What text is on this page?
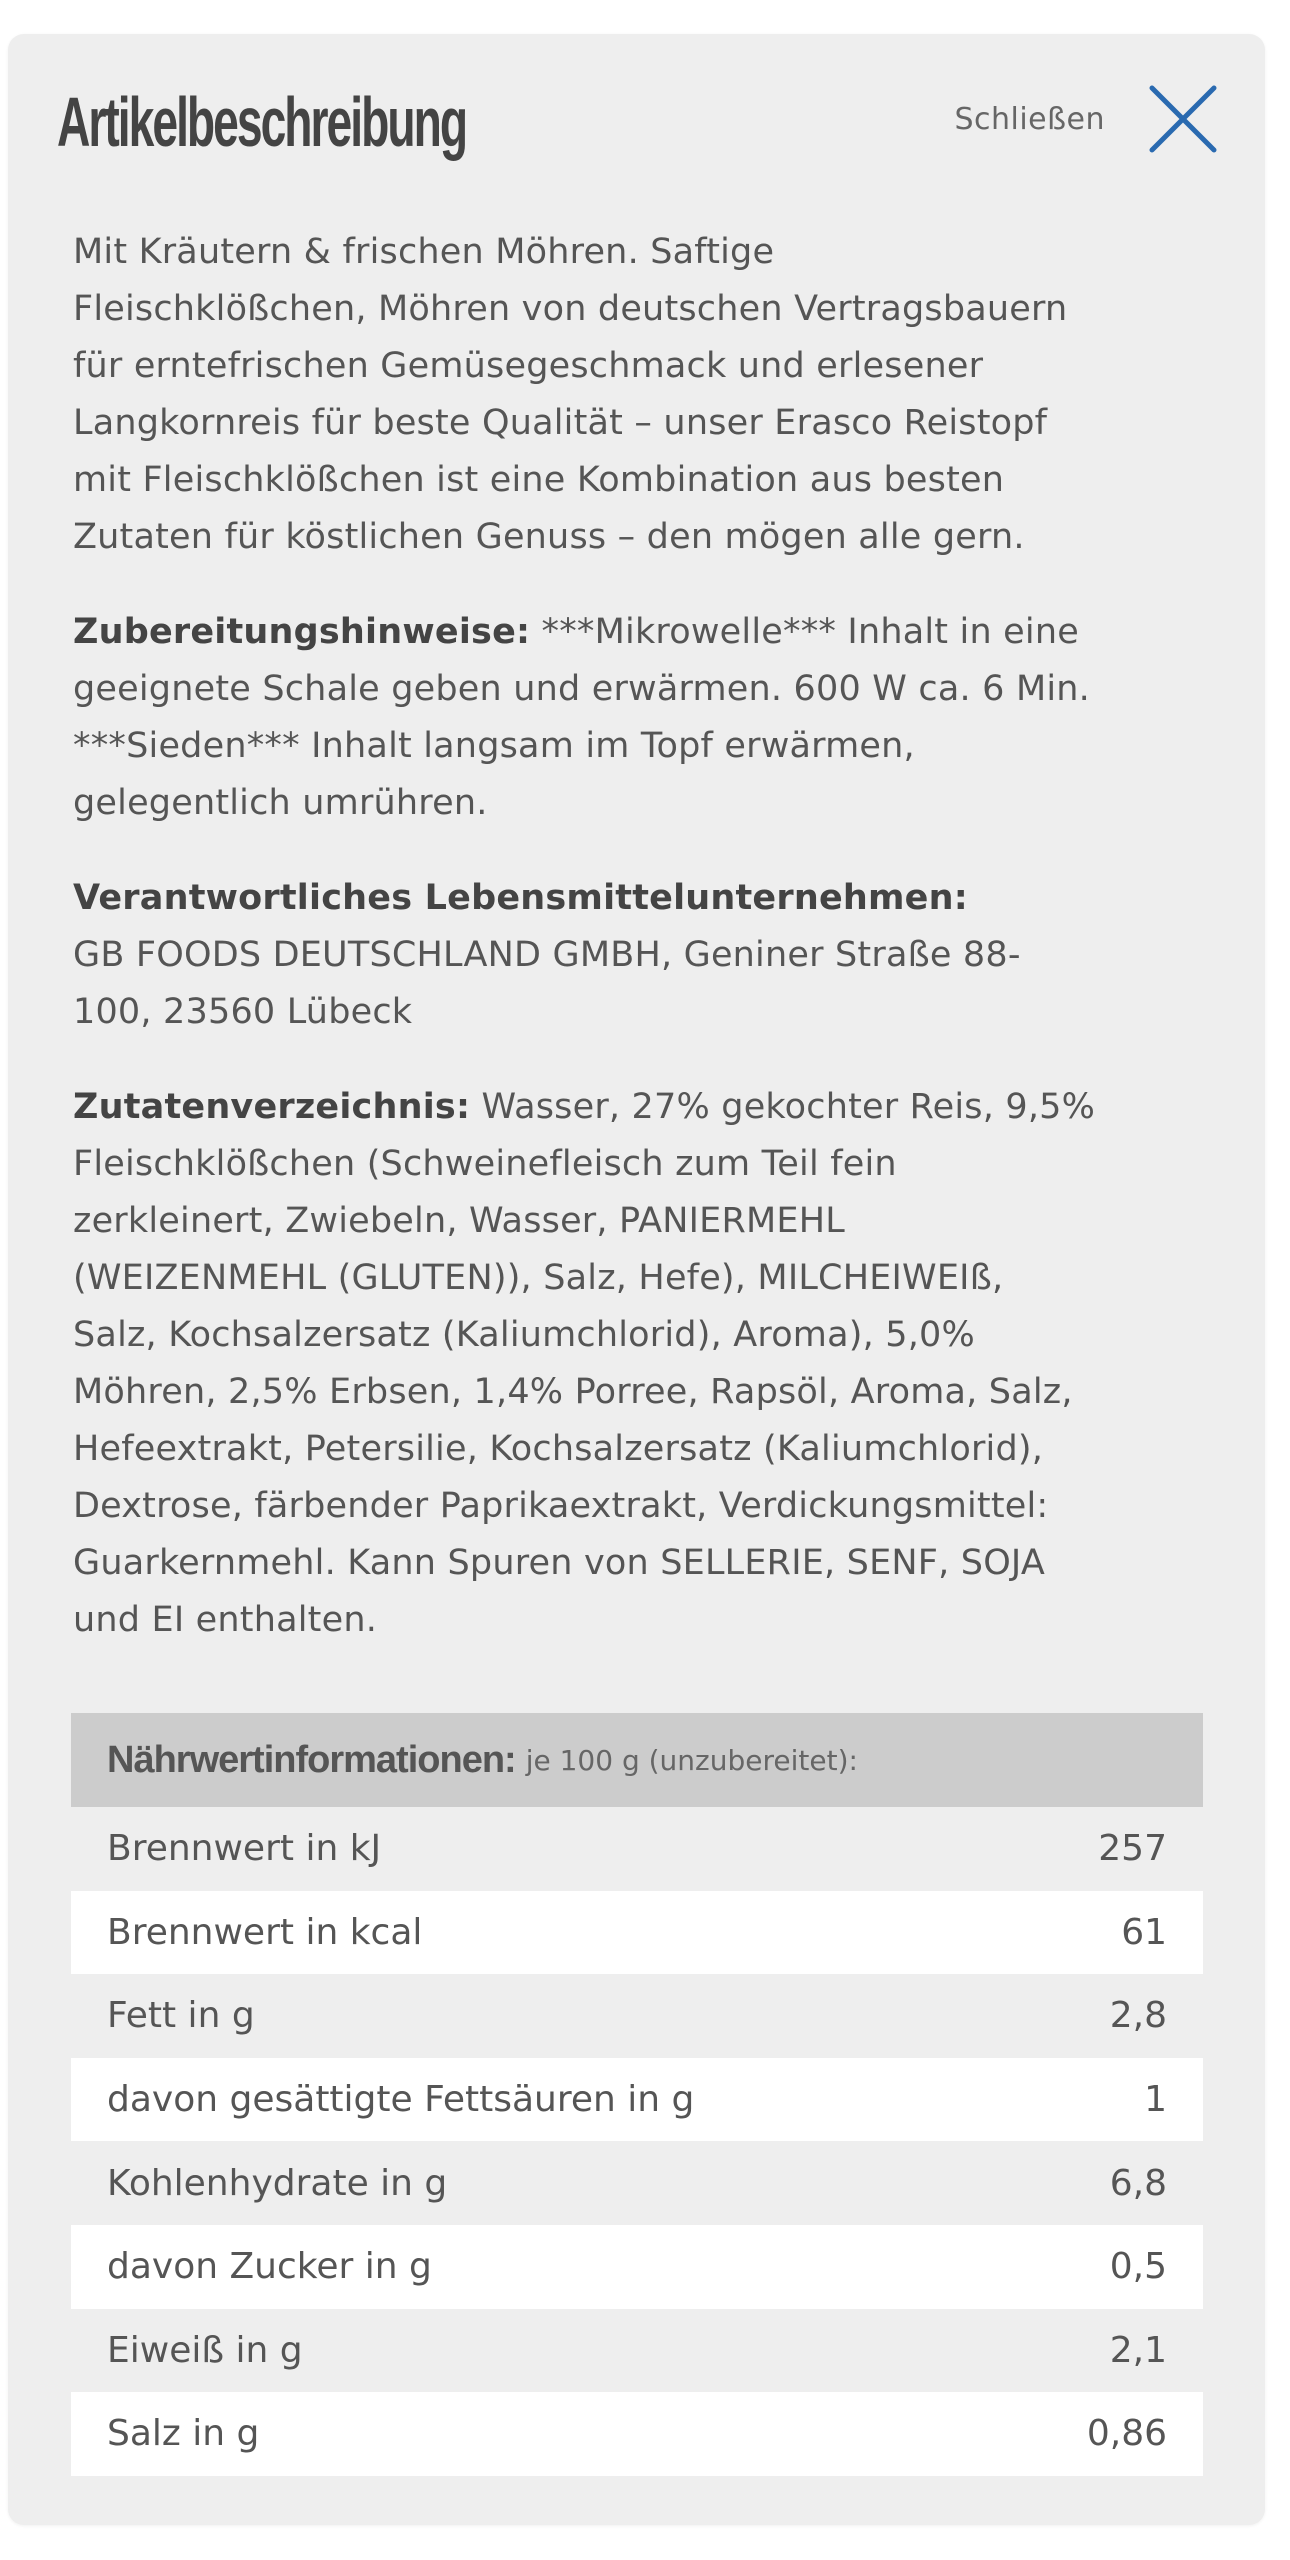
Artikelbeschreibung	Schließen

Mit Kräutern & frischen Möhren. Saftige
Fleischklößchen, Möhren von deutschen Vertragsbauern
für erntefrischen Gemüsegeschmack und erlesener
Langkornreis für beste Qualität – unser Erasco Reistopf
mit Fleischklößchen ist eine Kombination aus besten
Zutaten für köstlichen Genuss – den mögen alle gern.

Zubereitungshinweise: ***Mikrowelle*** Inhalt in eine
geeignete Schale geben und erwärmen. 600 W ca. 6 Min.
***Sieden*** Inhalt langsam im Topf erwärmen,
gelegentlich umrühren.

Verantwortliches Lebensmittelunternehmen:
GB FOODS DEUTSCHLAND GMBH, Geniner Straße 88-
100, 23560 Lübeck

Zutatenverzeichnis: Wasser, 27% gekochter Reis, 9,5%
Fleischklößchen (Schweinefleisch zum Teil fein
zerkleinert, Zwiebeln, Wasser, PANIERMEHL
(WEIZENMEHL (GLUTEN)), Salz, Hefe), MILCHEIWEIß,
Salz, Kochsalzersatz (Kaliumchlorid), Aroma), 5,0%
Möhren, 2,5% Erbsen, 1,4% Porree, Rapsöl, Aroma, Salz,
Hefeextrakt, Petersilie, Kochsalzersatz (Kaliumchlorid),
Dextrose, färbender Paprikaextrakt, Verdickungsmittel:
Guarkernmehl. Kann Spuren von SELLERIE, SENF, SOJA
und EI enthalten.

Nährwertinformationen: je 100 g (unzubereitet):
Brennwert in kJ	257
Brennwert in kcal	61
Fett in g	2,8
davon gesättigte Fettsäuren in g	1
Kohlenhydrate in g	6,8
davon Zucker in g	0,5
Eiweiß in g	2,1
Salz in g	0,86
